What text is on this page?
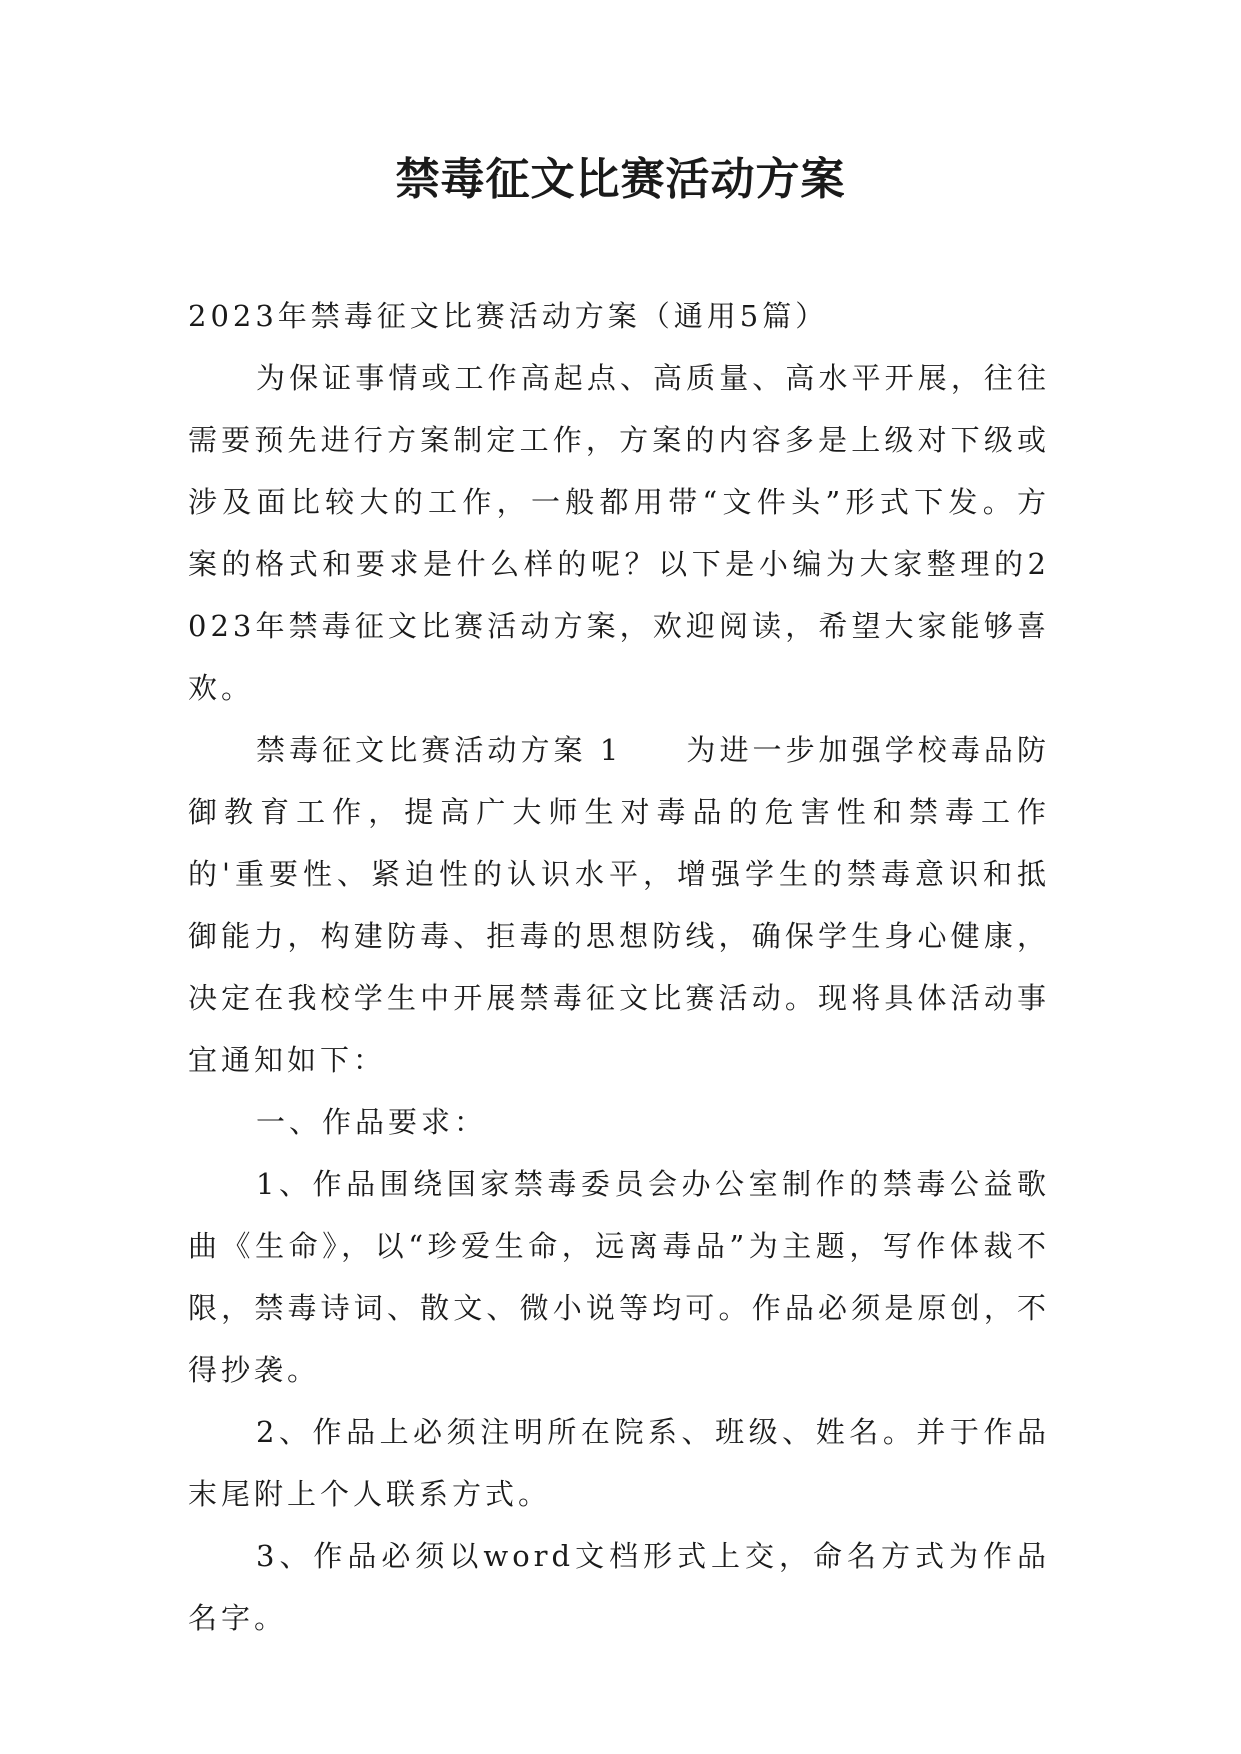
禁毒征文比赛活动方案

2023年禁毒征文比赛活动方案（通用5篇）

为保证事情或工作高起点、高质量、高水平开展，往往需要预先进行方案制定工作，方案的内容多是上级对下级或涉及面比较大的工作，一般都用带“文件头”形式下发。方案的格式和要求是什么样的呢？以下是小编为大家整理的2023年禁毒征文比赛活动方案，欢迎阅读，希望大家能够喜欢。

禁毒征文比赛活动方案 1 为进一步加强学校毒品防御教育工作，提高广大师生对毒品的危害性和禁毒工作的'重要性、紧迫性的认识水平，增强学生的禁毒意识和抵御能力，构建防毒、拒毒的思想防线，确保学生身心健康，决定在我校学生中开展禁毒征文比赛活动。现将具体活动事宜通知如下：

一、作品要求：

1、作品围绕国家禁毒委员会办公室制作的禁毒公益歌曲《生命》，以“珍爱生命，远离毒品”为主题，写作体裁不限，禁毒诗词、散文、微小说等均可。作品必须是原创，不得抄袭。

2、作品上必须注明所在院系、班级、姓名。并于作品末尾附上个人联系方式。

3、作品必须以word文档形式上交，命名方式为作品名字。
